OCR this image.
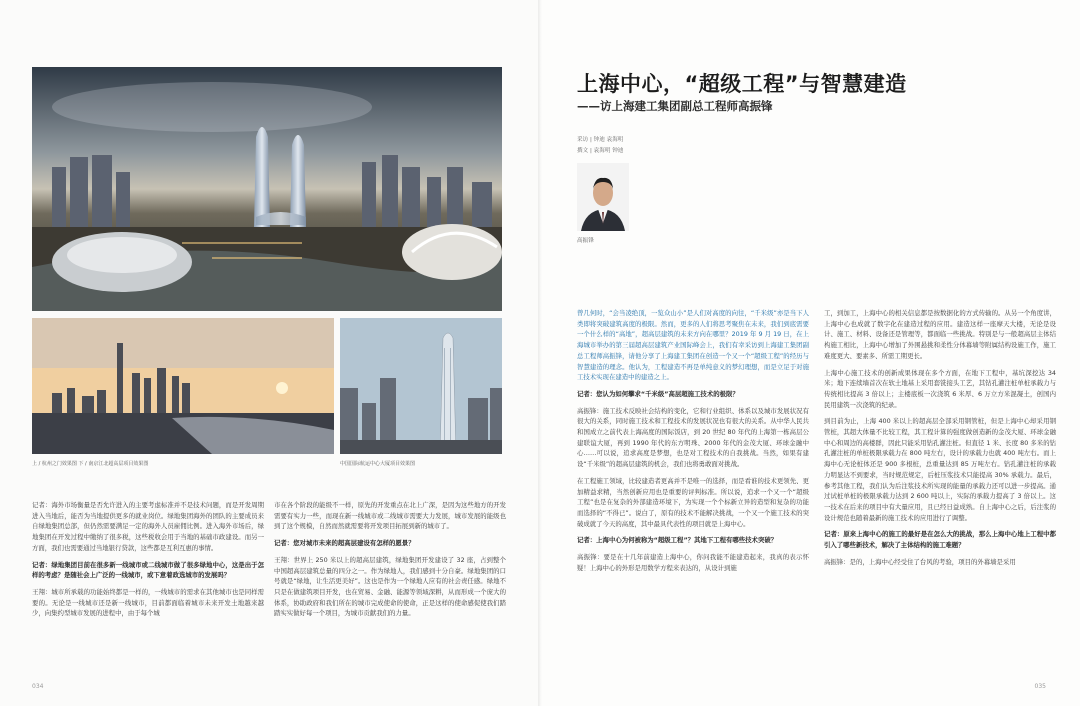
上 / 杭州之门效果图 下 / 南京江北超高层项目效果图	中国国际航运中心大厦项目效果图

记者：海外市场衡量是否允许进入的主要考虑标准并不是技术问题，而是开发周期进入当地后，能否为当地提供更多的就业岗位。绿地集团海外的团队的主要成员来自绿地集团总部，但仍然需要满足一定的海外人员雇佣比例。进入海外市场后，绿地集团在开发过程中缴纳了很多税，这些税收会用于当地的基础市政建设。而另一方面，我们也需要通过当地银行贷款，这些都是互利互惠的事情。

记者：绿地集团目前在很多新一线城市或二线城市做了很多绿地中心，这是出于怎样的考虑？是随社会上广泛的一线城市，或下意着政选城市的发展吗？

王翔：城市所承载的功能始终都是一样的，一线城市的需求在其他城市也是同样需要的。无论是一线城市还是新一线城市，目前都面临着城市未来开发土地越来越少，向集约型城市发展的进程中，由于每个城

市在各个阶段的能级不一样，原先的开发重点在北上广深，是因为这些地方的开发需要有实力一些，而现在新一线城市或二线城市需要大力发展，城市发展的能级也到了这个规模，自然而然就需要将开发项目拓展到新的城市了。

记者：您对城市未来的超高层建设有怎样的愿景？

王翔：世界上 250 米以上的超高层建筑，绿地集团开发建设了 32 座，占到整个中国超高层建筑总量的四分之一。作为绿地人，我们感到十分自豪。绿地集团的口号就是“绿地，让生活更美好”。这也是作为一个绿地人应有的社会责任感。绿地不只是在做建筑项目开发，也在贸易、金融、能源等领域深耕，从而形成一个庞大的体系，协助政府和我们所在的城市完成使命的使命，正是这样的使命感促使我们踏踏实实做好每一个项目，为城市贡献我们的力量。

上海中心，“超级工程”与智慧建造
——访上海建工集团副总工程师高振锋
采访 | 钟迪 袁海明
撰文 | 袁海明 钟迪
高振锋

曾几何时，“会当凌绝顶，一览众山小”是人们对高度的向往，“千米级”亦是当下人类即将突破建筑高度的极限。然而，更多的人们将思考聚焦在未来，我们到底需要一个什么样的“高地”，超高层建筑的未来方向在哪里？2019 年 9 月 19 日，在上海城市举办的第三届超高层建筑产业国际峰会上，我们有幸采访到上海建工集团副总工程师高振锋，请他分享了上海建工集团在创造一个又一个“超级工程”的经历与智慧建造的理念。他认为，工程建造不再是单纯意义的梦幻理想，而是立足于对施工技术实现在建造中的建造之上。

记者：您认为如何攀求“千米级”高层超施工技术的极限？

高振锋：施工技术反映社会结构的变化，它和行业组织、体系以及城市发展状况有很大的关系，同时施工技术和工程技术的发展状况也有很大的关系。从中华人民共和国成立之前代表上海高度的国际饭店，到 20 世纪 80 年代的上海第一栋高层公建联谊大厦，再到 1990 年代的东方明珠、2000 年代的金茂大厦、环球金融中心……可以说，追求高度是梦想，也是对工程技术的自我挑战。当然，如果有建设“千米级”的超高层建筑的机会，我们也将勇敢面对挑战。

在工程施工领域，比较建造者更高并不是唯一的选择，而是看谁的技术更领先、更加精益求精，当然创新应用也是重要的评判标准。所以说，追求一个又一个“超级工程”也是在复杂的外部建造环境下，为实现一个个标新立异的造型和复杂的功能而选择的“不得已”。说白了，原有的技术不能解决挑战，一个又一个施工技术的突破成就了今天的高度，其中最具代表性的项目就是上海中心。

记者：上海中心为何被称为“超级工程”？其地下工程有哪些技术突破？

高振锋：要是在十几年前建造上海中心，你问我能不能建造起来，我真的表示怀疑！上海中心的外形是用数学方程来表达的，从设计到施

工，到加工，上海中心的相关信息都是按数据化的方式传输的。从另一个角度讲，上海中心也成就了数字化在建造过程的应用。建造这样一座摩天大楼，无论是设计、施工、材料、设备还是管理等，都面临一些挑战。特别是与一般超高层主体结构施工相比，上海中心增加了外围悬挑和柔性分体幕墙等附属结构设施工作，施工难度更大、要素多、所需工期更长。

上海中心施工技术的创新成果体现在多个方面，在地下工程中，基坑深挖达 34 米；地下连续墙首次在软土地基上采用套铣接头工艺，其钻孔灌注桩单桩承载力与传统相比提高 3 倍以上；主楼底板一次浇筑 6 米厚、6 万立方米混凝土，创国内民用建筑一次浇筑的纪录。

到目前为止，上海 400 米以上的超高层全部采用钢管桩，但是上海中心却采用钢管桩，其超大体量不比较工程，其工程计算的强度做创造新的金茂大厦、环球金融中心和周边的高楼群，因此只能采用钻孔灌注桩。但直径 1 米、长度 80 多米的钻孔灌注桩的单桩极限承载力在 800 吨左右，设计的承载力也就 400 吨左右。而上海中心无论桩体还是 900 多根桩，总重量达到 85 万吨左右。钻孔灌注桩的承载力明显达不到要求，当时规范规定，后桩压浆技术只能提高 30% 承载力。最后，参考其他工程，我们认为后注浆技术所实现的能量的承载力还可以进一步提高。通过试桩单桩的极限承载力达到 2 600 吨以上，实际的承载力提高了 3 倍以上。这一技术在后来的项目中有大量应用，且已经日益成熟。自上海中心之后，后注浆的设计规范也随着最新的施工技术的应用进行了调整。

记者：原来上海中心的施工的最好是在怎么大的挑战，那么上海中心地上工程中都引入了哪些新技术，解决了主体结构的施工难题？

高振锋：是的，上海中心经受住了台风的考验，项目的外幕墙是采用

034	035
